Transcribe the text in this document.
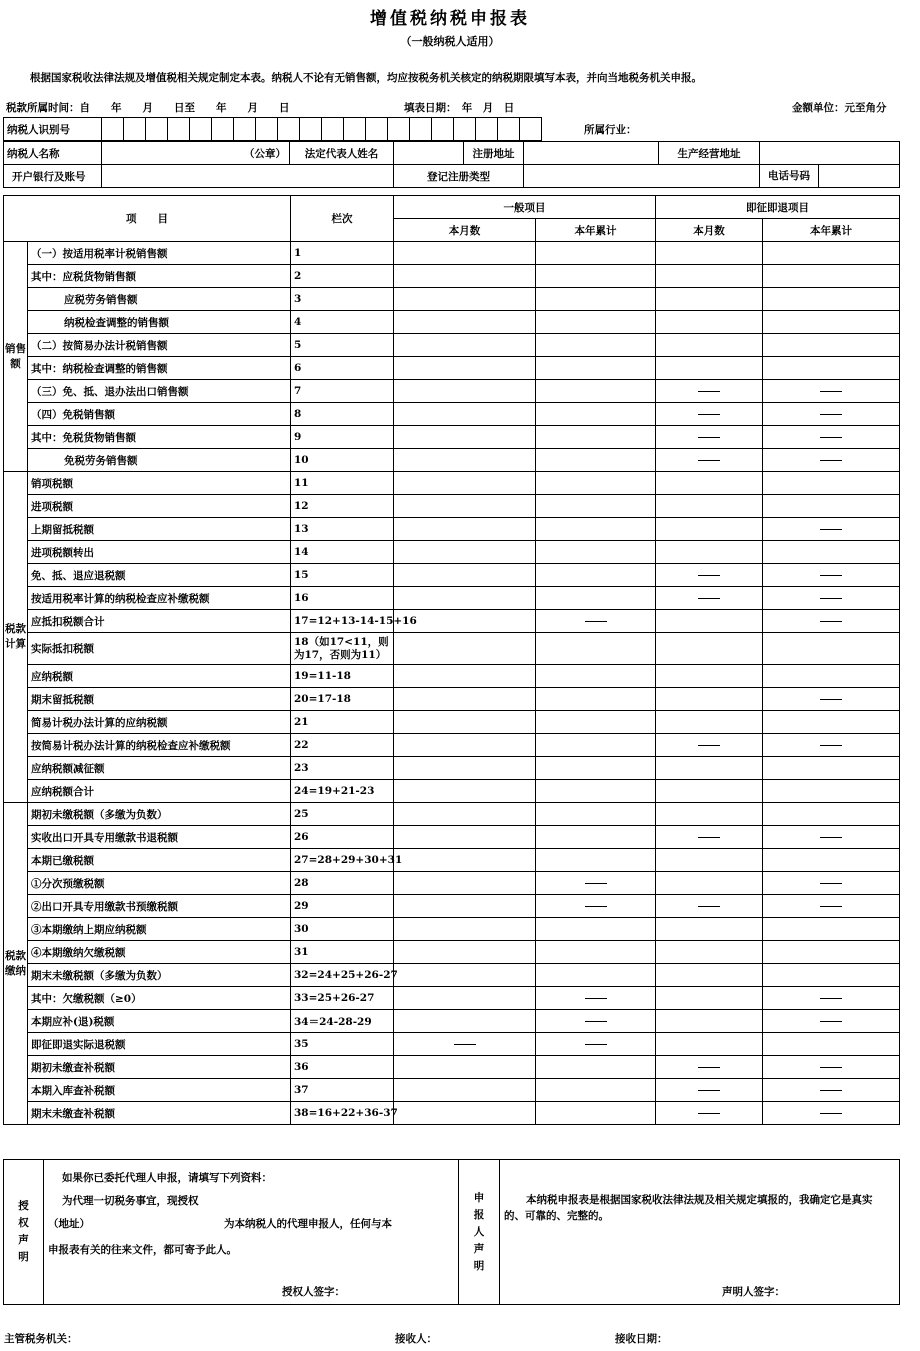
增值税纳税申报表
（一般纳税人适用）
根据国家税收法律法规及增值税相关规定制定本表。纳税人不论有无销售额，均应按税务机关核定的纳税期限填写本表，并向当地税务机关申报。
税款所属时间：自　　年　　月　　日至　　年　　月　　日	填表日期：　年　月　日	金额单位：元至角分
纳税人识别号																					所属行业：
纳税人名称	（公章）	法定代表人姓名		注册地址		生产经营地址	
开户银行及账号			登记注册类型				电话号码
项　　目		栏次	一般项目		即征即退项目	
			本月数	本年累计	本月数	本年累计
销售额	（一）按适用税率计税销售额	1				
	其中：应税货物销售额	2				
	应税劳务销售额	3				
	纳税检查调整的销售额	4				
	（二）按简易办法计税销售额	5				
	其中：纳税检查调整的销售额	6				
	（三）免、抵、退办法出口销售额	7				
	（四）免税销售额	8				
	其中：免税货物销售额	9				
	免税劳务销售额	10				
税款计算	销项税额	11				
	进项税额	12				
	上期留抵税额	13				
	进项税额转出	14				
	免、抵、退应退税额	15				
	按适用税率计算的纳税检查应补缴税额	16				
	应抵扣税额合计	17=12+13-14-15+16				
	实际抵扣税额	18（如17<11，则为17，否则为11）				
	应纳税额	19=11-18				
	期末留抵税额	20=17-18				
	简易计税办法计算的应纳税额	21				
	按简易计税办法计算的纳税检查应补缴税额	22				
	应纳税额减征额	23				
	应纳税额合计	24=19+21-23				
税款缴纳	期初未缴税额（多缴为负数）	25				
	实收出口开具专用缴款书退税额	26				
	本期已缴税额	27=28+29+30+31				
	①分次预缴税额	28				
	②出口开具专用缴款书预缴税额	29				
	③本期缴纳上期应纳税额	30				
	④本期缴纳欠缴税额	31				
	期末未缴税额（多缴为负数）	32=24+25+26-27				
	其中：欠缴税额（≥0）	33=25+26-27				
	本期应补(退)税额	34＝24-28-29				
	即征即退实际退税额	35				
	期初未缴查补税额	36				
	本期入库查补税额	37				
	期末未缴查补税额	38=16+22+36-37				
授权声明

如果你已委托代理人申报，请填写下列资料：
为代理一切税务事宜，现授权
（地址）	为本纳税人的代理申报人，任何与本
申报表有关的往来文件，都可寄予此人。
授权人签字：

申报人声明

本纳税申报表是根据国家税收法律法规及相关规定填报的，我确定它是真实的、可靠的、完整的。
声明人签字：
主管税务机关：	接收人：	接收日期：
